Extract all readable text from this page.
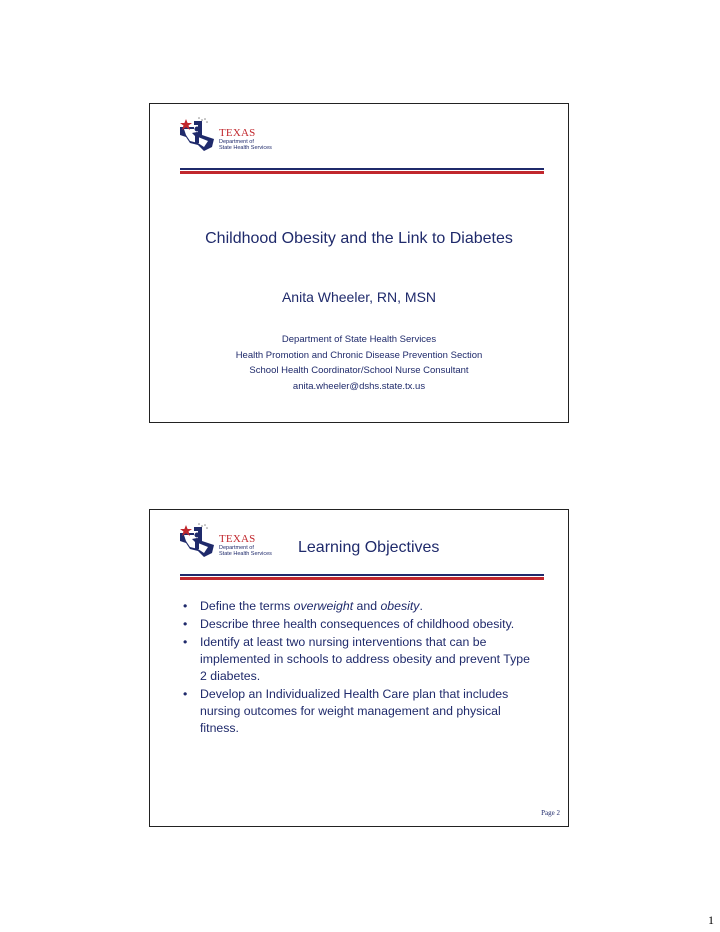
TEXAS
Department of
State Health Services
Childhood Obesity and the Link to Diabetes
Anita Wheeler, RN, MSN
Department of State Health Services
Health Promotion and Chronic Disease Prevention Section
School Health Coordinator/School Nurse Consultant
anita.wheeler@dshs.state.tx.us
TEXAS
Department of
State Health Services	Learning Objectives
• Define the terms overweight and obesity.
• Describe three health consequences of childhood obesity.
• Identify at least two nursing interventions that can be implemented in schools to address obesity and prevent Type 2 diabetes.
• Develop an Individualized Health Care plan that includes nursing outcomes for weight management and physical fitness.
Page 2
1
